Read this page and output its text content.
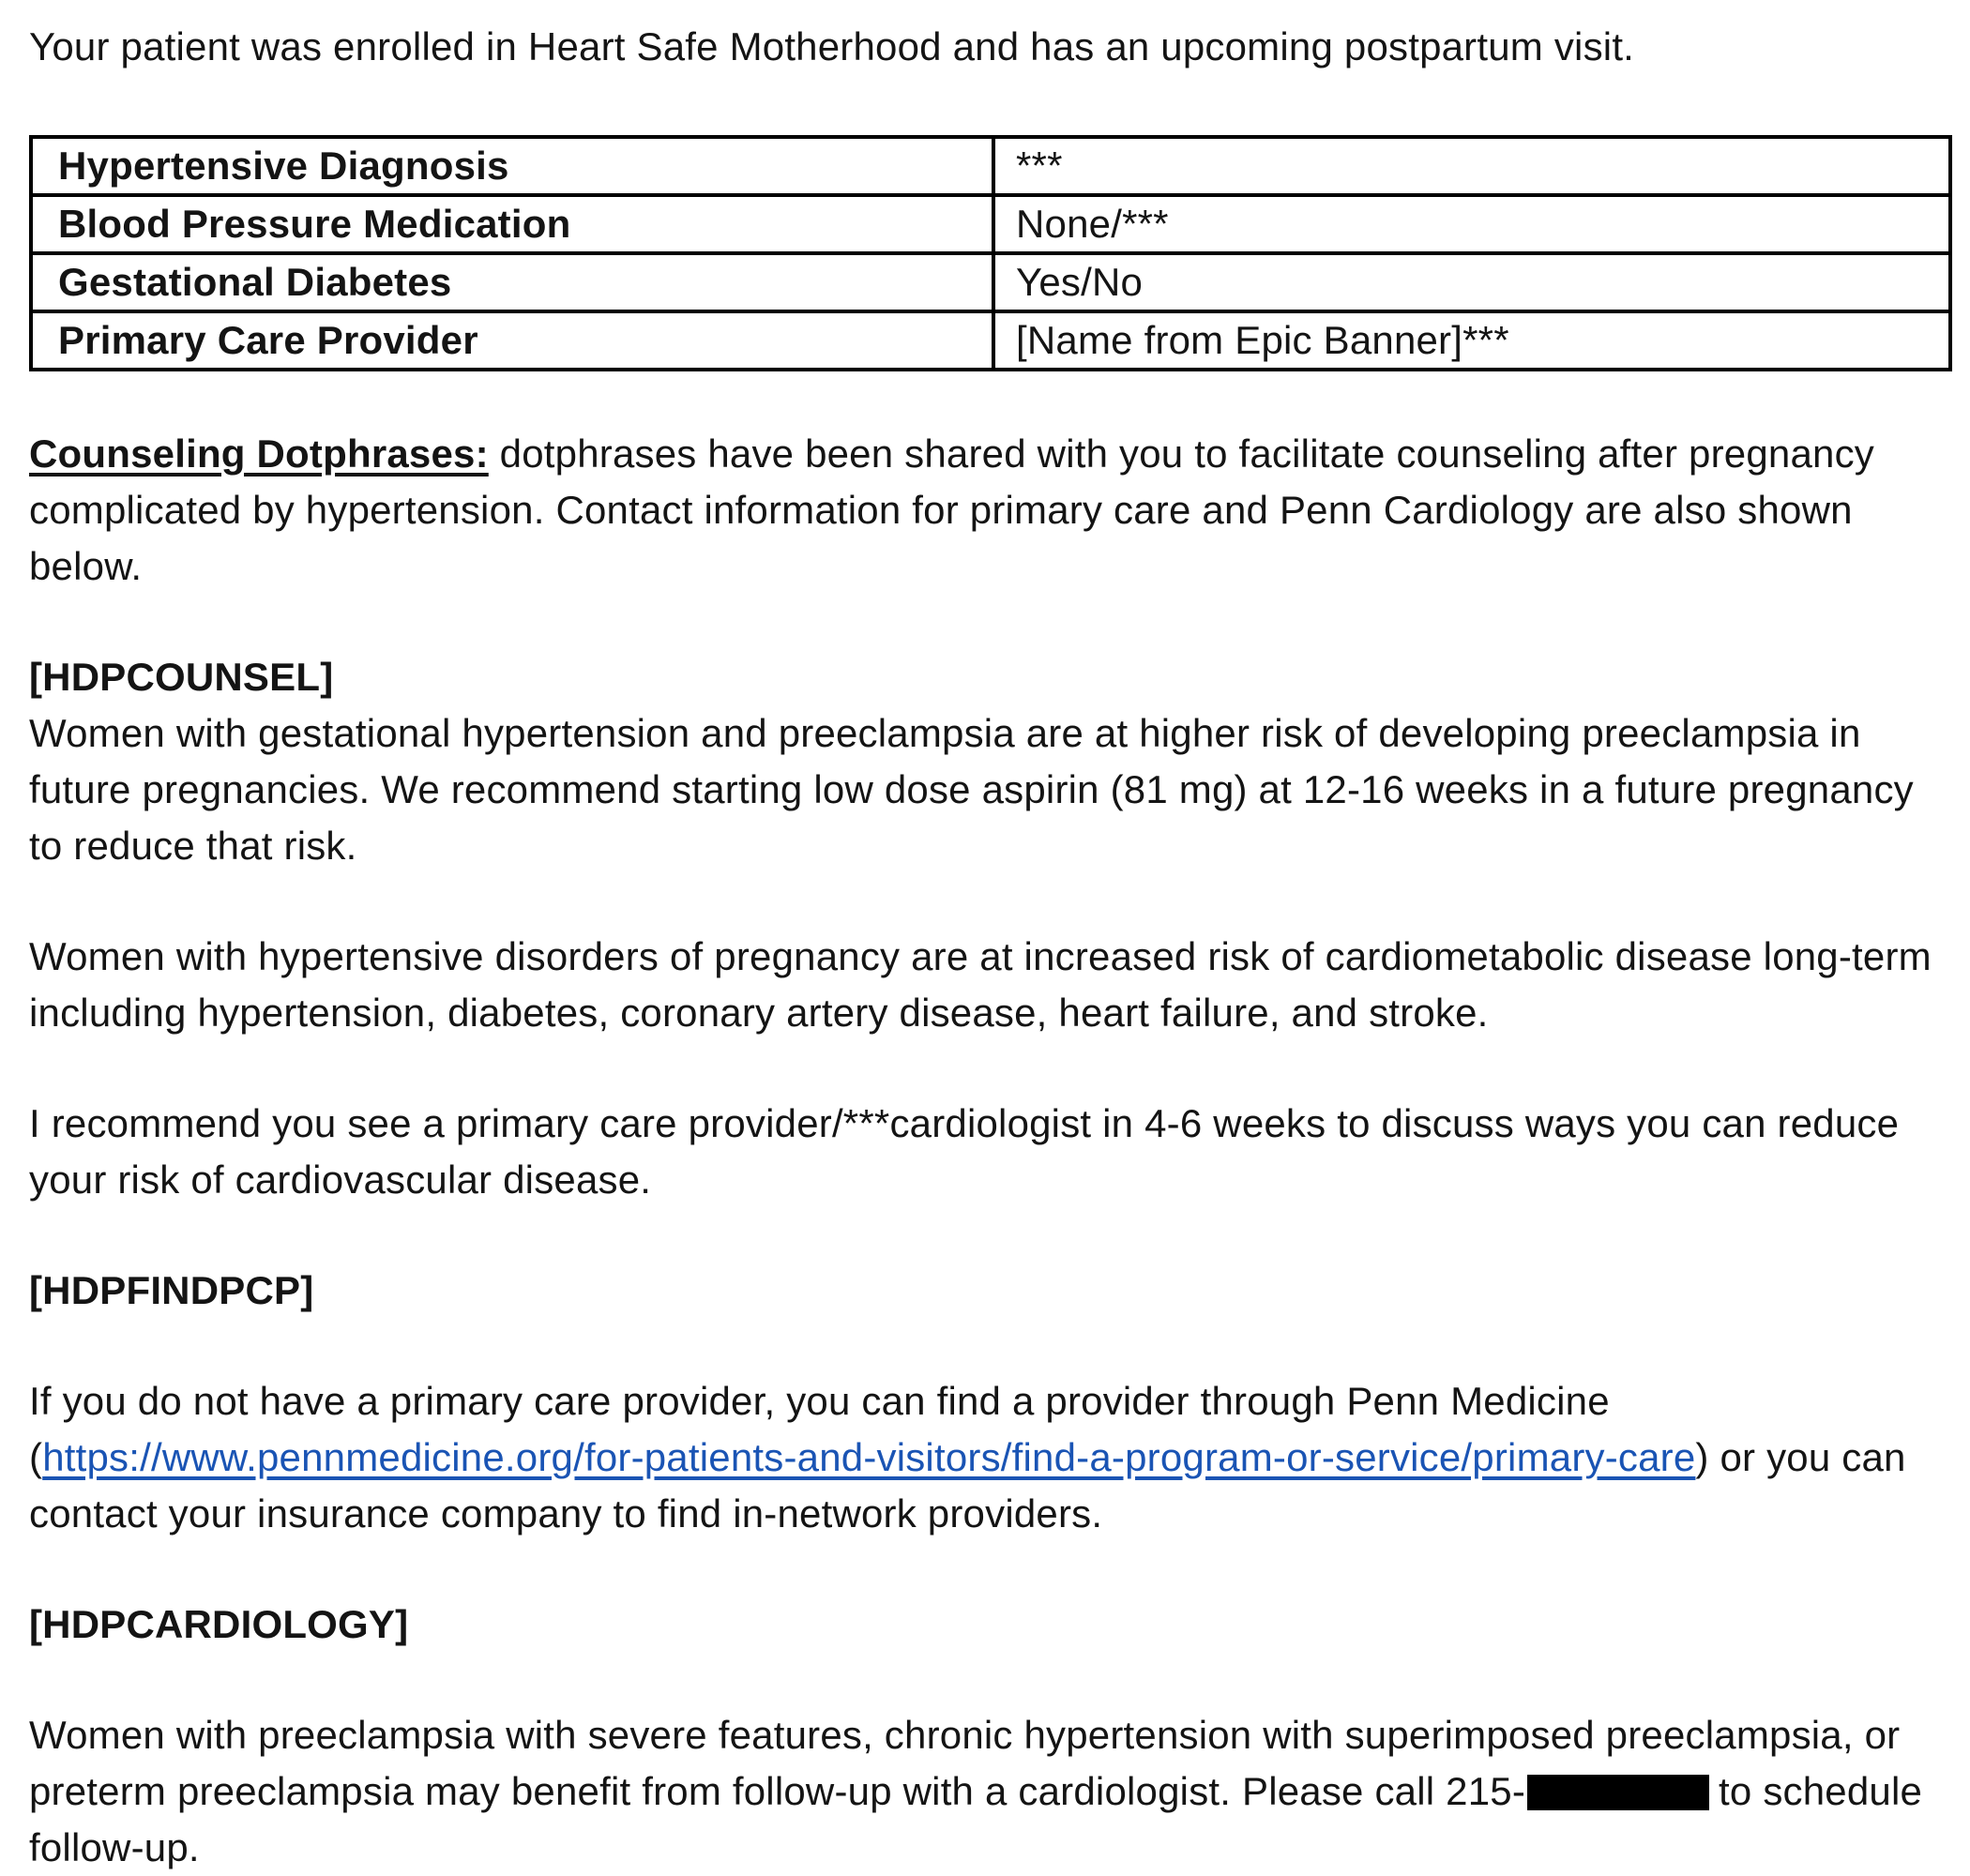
Your patient was enrolled in Heart Safe Motherhood and has an upcoming postpartum visit.

Hypertensive Diagnosis	***
Blood Pressure Medication	None/***
Gestational Diabetes	Yes/No
Primary Care Provider	[Name from Epic Banner]***

Counseling Dotphrases: dotphrases have been shared with you to facilitate counseling after pregnancy complicated by hypertension. Contact information for primary care and Penn Cardiology are also shown below.

[HDPCOUNSEL]

Women with gestational hypertension and preeclampsia are at higher risk of developing preeclampsia in future pregnancies. We recommend starting low dose aspirin (81 mg) at 12-16 weeks in a future pregnancy to reduce that risk.

Women with hypertensive disorders of pregnancy are at increased risk of cardiometabolic disease long-term including hypertension, diabetes, coronary artery disease, heart failure, and stroke.

I recommend you see a primary care provider/***cardiologist in 4-6 weeks to discuss ways you can reduce your risk of cardiovascular disease.

[HDPFINDPCP]

If you do not have a primary care provider, you can find a provider through Penn Medicine (https://www.pennmedicine.org/for-patients-and-visitors/find-a-program-or-service/primary-care) or you can contact your insurance company to find in-network providers.

[HDPCARDIOLOGY]

Women with preeclampsia with severe features, chronic hypertension with superimposed preeclampsia, or preterm preeclampsia may benefit from follow-up with a cardiologist. Please call 215-	to schedule follow-up.
